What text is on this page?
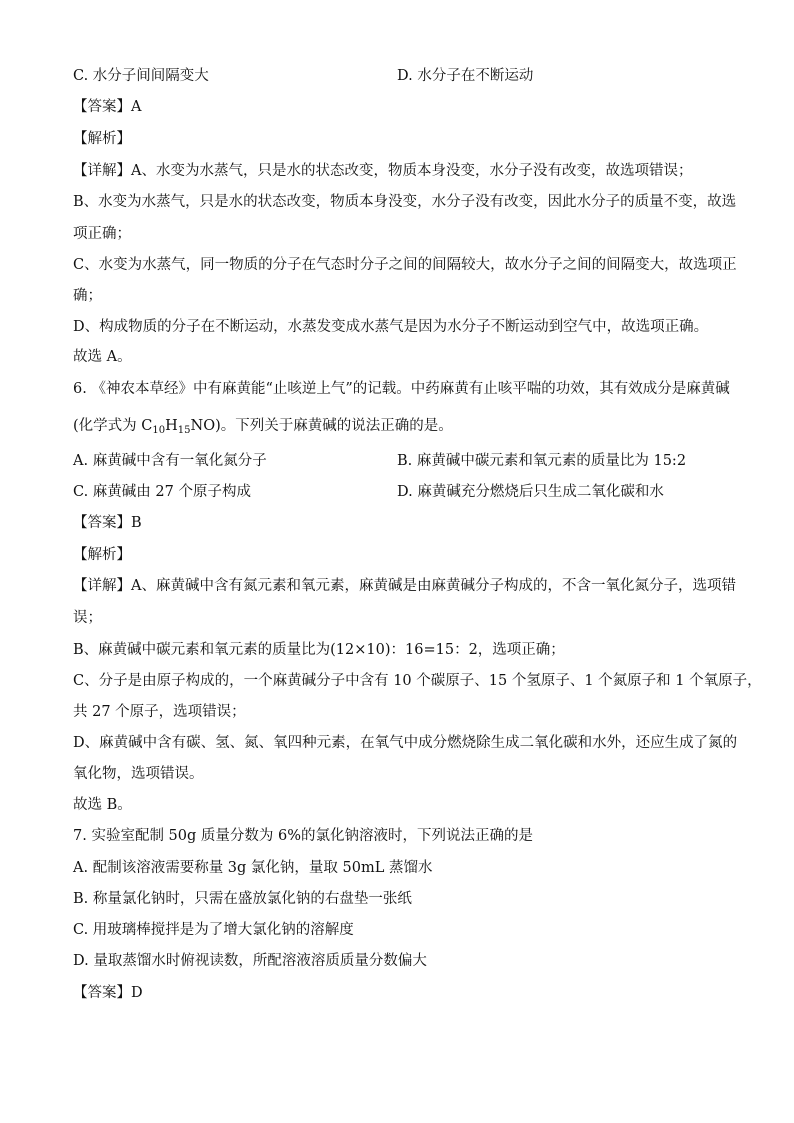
C. 水分子间间隔变大	D. 水分子在不断运动
【答案】A
【解析】
【详解】A、水变为水蒸气，只是水的状态改变，物质本身没变，水分子没有改变，故选项错误；
B、水变为水蒸气，只是水的状态改变，物质本身没变，水分子没有改变，因此水分子的质量不变，故选
项正确；
C、水变为水蒸气，同一物质的分子在气态时分子之间的间隔较大，故水分子之间的间隔变大，故选项正
确；
D、构成物质的分子在不断运动，水蒸发变成水蒸气是因为水分子不断运动到空气中，故选项正确。
故选 A。
6. 《神农本草经》中有麻黄能“止咳逆上气”的记载。中药麻黄有止咳平喘的功效，其有效成分是麻黄碱
(化学式为 $C_{10}H_{15}NO$)。下列关于麻黄碱的说法正确的是。
A. 麻黄碱中含有一氧化氮分子	B. 麻黄碱中碳元素和氧元素的质量比为 15:2
C. 麻黄碱由 27 个原子构成	D. 麻黄碱充分燃烧后只生成二氧化碳和水
【答案】B
【解析】
【详解】A、麻黄碱中含有氮元素和氧元素，麻黄碱是由麻黄碱分子构成的，不含一氧化氮分子，选项错
误；
B、麻黄碱中碳元素和氧元素的质量比为(12×10)：16=15：2，选项正确；
C、分子是由原子构成的，一个麻黄碱分子中含有 10 个碳原子、15 个氢原子、1 个氮原子和 1 个氧原子，
共 27 个原子，选项错误；
D、麻黄碱中含有碳、氢、氮、氧四种元素，在氧气中成分燃烧除生成二氧化碳和水外，还应生成了氮的
氧化物，选项错误。
故选 B。
7. 实验室配制 50g 质量分数为 6%的氯化钠溶液时，下列说法正确的是
A. 配制该溶液需要称量 3g 氯化钠，量取 50mL 蒸馏水
B. 称量氯化钠时，只需在盛放氯化钠的右盘垫一张纸
C. 用玻璃棒搅拌是为了增大氯化钠的溶解度
D. 量取蒸馏水时俯视读数，所配溶液溶质质量分数偏大
【答案】D
